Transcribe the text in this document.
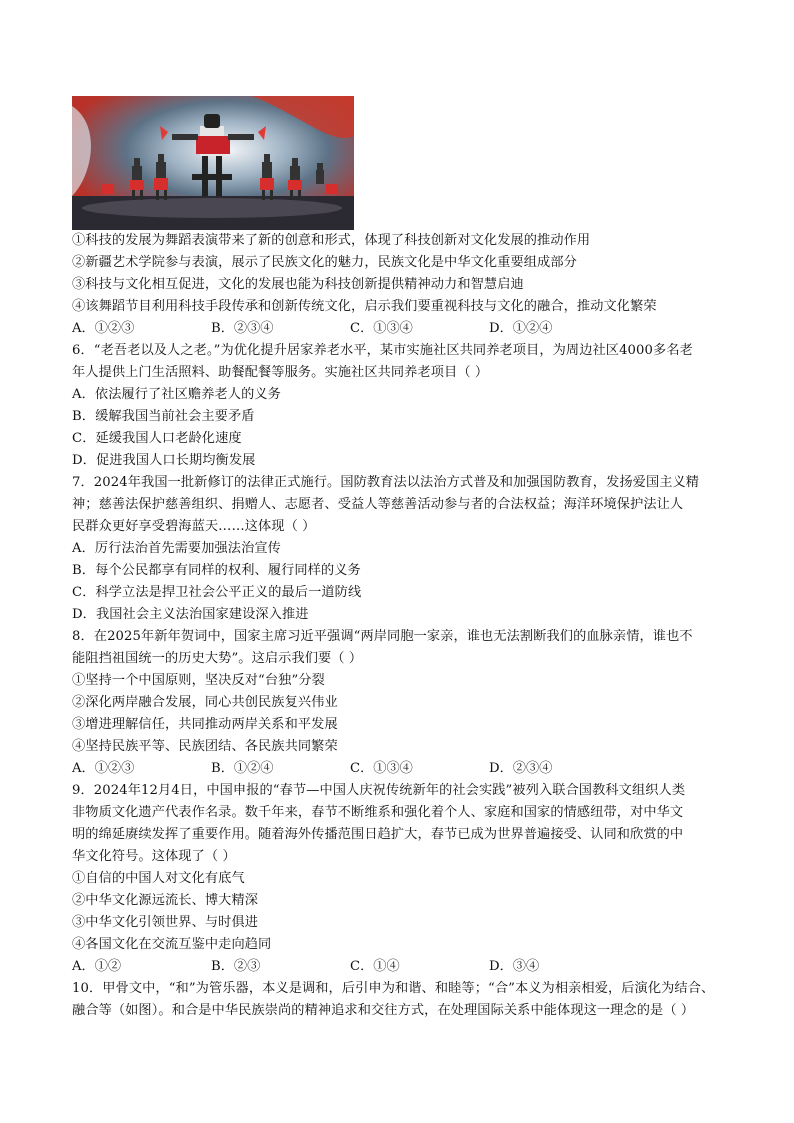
①科技的发展为舞蹈表演带来了新的创意和形式，体现了科技创新对文化发展的推动作用
②新疆艺术学院参与表演，展示了民族文化的魅力，民族文化是中华文化重要组成部分
③科技与文化相互促进，文化的发展也能为科技创新提供精神动力和智慧启迪
④该舞蹈节目利用科技手段传承和创新传统文化，启示我们要重视科技与文化的融合，推动文化繁荣
A．①②③	B．②③④	C．①③④	D．①②④
6．“老吾老以及人之老。”为优化提升居家养老水平，某市实施社区共同养老项目，为周边社区4000多名老
年人提供上门生活照料、助餐配餐等服务。实施社区共同养老项目（ ）
A．依法履行了社区赡养老人的义务
B．缓解我国当前社会主要矛盾
C．延缓我国人口老龄化速度
D．促进我国人口长期均衡发展
7．2024年我国一批新修订的法律正式施行。国防教育法以法治方式普及和加强国防教育，发扬爱国主义精
神；慈善法保护慈善组织、捐赠人、志愿者、受益人等慈善活动参与者的合法权益；海洋环境保护法让人
民群众更好享受碧海蓝天……这体现（ ）
A．厉行法治首先需要加强法治宣传
B．每个公民都享有同样的权利、履行同样的义务
C．科学立法是捍卫社会公平正义的最后一道防线
D．我国社会主义法治国家建设深入推进
8．在2025年新年贺词中，国家主席习近平强调“两岸同胞一家亲，谁也无法割断我们的血脉亲情，谁也不
能阻挡祖国统一的历史大势”。这启示我们要（ ）
①坚持一个中国原则，坚决反对“台独”分裂
②深化两岸融合发展，同心共创民族复兴伟业
③增进理解信任，共同推动两岸关系和平发展
④坚持民族平等、民族团结、各民族共同繁荣
A．①②③	B．①②④	C．①③④	D．②③④
9．2024年12月4日，中国申报的“春节—中国人庆祝传统新年的社会实践”被列入联合国教科文组织人类
非物质文化遗产代表作名录。数千年来，春节不断维系和强化着个人、家庭和国家的情感纽带，对中华文
明的绵延赓续发挥了重要作用。随着海外传播范围日趋扩大，春节已成为世界普遍接受、认同和欣赏的中
华文化符号。这体现了（ ）
①自信的中国人对文化有底气
②中华文化源远流长、博大精深
③中华文化引领世界、与时俱进
④各国文化在交流互鉴中走向趋同
A．①②	B．②③	C．①④	D．③④
10．甲骨文中，“和”为管乐器，本义是调和，后引申为和谐、和睦等；“合”本义为相亲相爱，后演化为结合、
融合等（如图）。和合是中华民族崇尚的精神追求和交往方式，在处理国际关系中能体现这一理念的是（ ）
